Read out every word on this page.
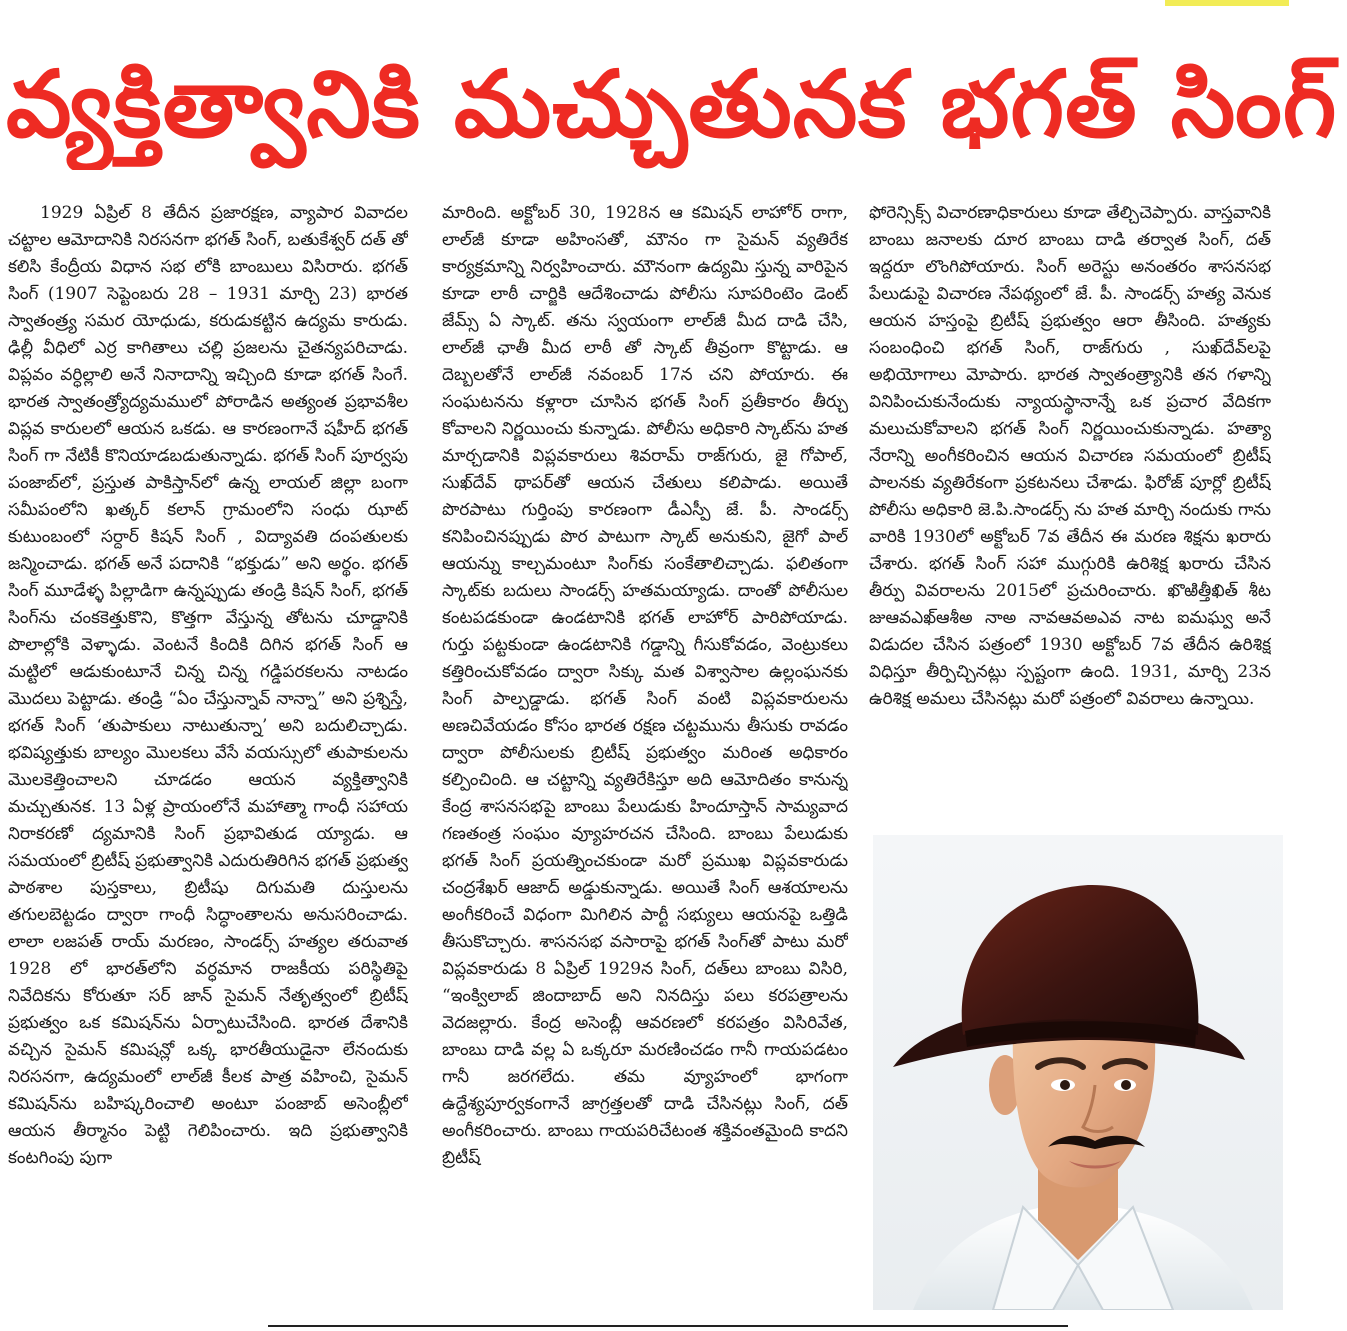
వ్యక్తిత్వానికి మచ్చుతునక భగత్ సింగ్

1929 ఏప్రిల్ 8 తేదీన ప్రజారక్షణ, వ్యాపార వివాదల చట్టాల ఆమోదానికి నిరసనగా భగత్ సింగ్, బతుకేశ్వర్ దత్ తో కలిసి కేంద్రీయ విధాన సభ లోకి బాంబులు విసిరారు. భగత్ సింగ్ (1907 సెప్టెంబరు 28 – 1931 మార్చి 23) భారత స్వాతంత్ర్య సమర యోధుడు, కరుడుకట్టిన ఉద్యమ కారుడు. ఢిల్లీ వీధిలో ఎర్ర కాగితాలు చల్లి ప్రజలను చైతన్యపరిచాడు. విప్లవం వర్ధిల్లాలి అనే నినాదాన్ని ఇచ్చింది కూడా భగత్ సింగే. భారత స్వాతంత్ర్యోద్యమములో పోరాడిన అత్యంత ప్రభావశీల విప్లవ కారులలో ఆయన ఒకడు. ఆ కారణంగానే షహీద్ భగత్ సింగ్ గా నేటికీ కొనియాడబడుతున్నాడు. భగత్ సింగ్ పూర్వపు పంజాబ్‌లో, ప్రస్తుత పాకిస్తాన్‌లో ఉన్న లాయల్ జిల్లా బంగా సమీపంలోని ఖత్కర్ కలాన్ గ్రామంలోని సంధు ఝాట్ కుటుంబంలో సర్దార్ కిషన్ సింగ్ , విద్యావతి దంపతులకు జన్మించాడు. భగత్ అనే పదానికి “భక్తుడు” అని అర్థం. భగత్ సింగ్ మూడేళ్ళ పిల్లాడిగా ఉన్నప్పుడు తండ్రి కిషన్ సింగ్, భగత్ సింగ్‌ను చంకకెత్తుకొని, కొత్తగా వేస్తున్న తోటను చూడ్డానికి పొలాల్లోకి వెళ్ళాడు. వెంటనే కిందికి దిగిన భగత్ సింగ్ ఆ మట్టిలో ఆడుకుంటూనే చిన్న చిన్న గడ్డిపరకలను నాటడం మొదలు పెట్టాడు. తండ్రి “ఏం చేస్తున్నావ్ నాన్నా” అని ప్రశ్నిస్తే, భగత్ సింగ్ ‘తుపాకులు నాటుతున్నా’ అని బదులిచ్చాడు. భవిష్యత్తుకు బాల్యం మొలకలు వేసే వయస్సులో తుపాకులను మొలకెత్తించాలని చూడడం ఆయన వ్యక్తిత్వానికి మచ్చుతునక. 13 ఏళ్ల ప్రాయంలోనే మహాత్మా గాంధీ సహాయ నిరాకరణో ద్యమానికి సింగ్ ప్రభావితుడ య్యాడు. ఆ సమయంలో బ్రిటీష్ ప్రభుత్వానికి ఎదురుతిరిగిన భగత్ ప్రభుత్వ పాఠశాల పుస్తకాలు, బ్రిటీషు దిగుమతి దుస్తులను తగులబెట్టడం ద్వారా గాంధీ సిద్ధాంతాలను అనుసరించాడు. లాలా లజపత్ రాయ్ మరణం, సాండర్స్ హత్యల తరువాత 1928 లో భారత్‌లోని వర్ధమాన రాజకీయ పరిస్థితిపై నివేదికను కోరుతూ సర్ జాన్ సైమన్ నేతృత్వంలో బ్రిటీష్ ప్రభుత్వం ఒక కమిషన్‌ను ఏర్పాటుచేసింది. భారత దేశానికి వచ్చిన సైమన్ కమిషన్లో ఒక్క భారతీయుడైనా లేనందుకు నిరసనగా, ఉద్యమంలో లాల్‌జీ కీలక పాత్ర వహించి, సైమన్ కమిషన్‌ను బహిష్కరించాలి అంటూ పంజాబ్ అసెంబ్లీలో ఆయన తీర్మానం పెట్టి గెలిపించారు. ఇది ప్రభుత్వానికి కంటగింపు పుగా

మారింది. అక్టోబర్ 30, 1928న ఆ కమిషన్ లాహోర్ రాగా, లాల్‌జీ కూడా అహింసతో, మౌనం గా సైమన్ వ్యతిరేక కార్యక్రమాన్ని నిర్వహించారు. మౌనంగా ఉద్యమి స్తున్న వారిపైన కూడా లాఠీ చార్జికి ఆదేశించాడు పోలీసు సూపరింటెం డెంట్ జేమ్స్ ఏ స్కాట్. తను స్వయంగా లాల్‌జీ మీద దాడి చేసి, లాల్‌జీ ఛాతీ మీద లాఠీ తో స్కాట్ తీవ్రంగా కొట్టాడు. ఆ దెబ్బలతోనే లాల్‌జీ నవంబర్ 17న చని పోయారు. ఈ సంఘటనను కళ్లారా చూసిన భగత్ సింగ్ ప్రతీకారం తీర్చు కోవాలని నిర్ణయించు కున్నాడు. పోలీసు అధికారి స్కాట్‌ను హత మార్చడానికి విప్లవకారులు శివరామ్ రాజ్‌గురు, జై గోపాల్, సుఖ్‌దేవ్ థాపర్‌తో ఆయన చేతులు కలిపాడు. అయితే పొరపాటు గుర్తింపు కారణంగా డీఎస్పీ జే. పీ. సాండర్స్ కనిపించినప్పుడు పొర పాటుగా స్కాట్ అనుకుని, జైగో పాల్ ఆయన్ను కాల్చమంటూ సింగ్‌కు సంకేతాలిచ్చాడు. ఫలితంగా స్కాట్‌కు బదులు సాండర్స్ హతమయ్యాడు. దాంతో పోలీసుల కంటపడకుండా ఉండటానికి భగత్ లాహోర్ పారిపోయాడు. గుర్తు పట్టకుండా ఉండటానికి గడ్డాన్ని గీసుకోవడం, వెంట్రుకలు కత్తిరించుకోవడం ద్వారా సిక్కు మత విశ్వాసాల ఉల్లంఘనకు సింగ్ పాల్పడ్డాడు. భగత్ సింగ్ వంటి విప్లవకారులను అణచివేయడం కోసం భారత రక్షణ చట్టమును తీసుకు రావడం ద్వారా పోలీసులకు బ్రిటీష్ ప్రభుత్వం మరింత అధికారం కల్పించింది. ఆ చట్టాన్ని వ్యతిరేకిస్తూ అది ఆమోదితం కానున్న కేంద్ర శాసనసభపై బాంబు పేలుడుకు హిందూస్తాన్ సామ్యవాద గణతంత్ర సంఘం వ్యూహరచన చేసింది. బాంబు పేలుడుకు భగత్ సింగ్ ప్రయత్నించకుండా మరో ప్రముఖ విప్లవకారుడు చంద్రశేఖర్ ఆజాద్ అడ్డుకున్నాడు. అయితే సింగ్ ఆశయాలను అంగీకరించే విధంగా మిగిలిన పార్టీ సభ్యులు ఆయనపై ఒత్తిడి తీసుకొచ్చారు. శాసనసభ వసారాపై భగత్ సింగ్‌తో పాటు మరో విప్లవకారుడు 8 ఏప్రిల్ 1929న సింగ్, దత్‌లు బాంబు విసిరి, “ఇంక్విలాబ్ జిందాబాద్ అని నినదిస్తు పలు కరపత్రాలను వెదజల్లారు. కేంద్ర అసెంబ్లీ ఆవరణలో కరపత్రం విసిరివేత, బాంబు దాడి వల్ల ఏ ఒక్కరూ మరణించడం గానీ గాయపడటం గానీ జరగలేదు. తమ వ్యూహంలో భాగంగా ఉద్దేశ్యపూర్వకంగానే జాగ్రత్తలతో దాడి చేసినట్లు సింగ్, దత్ అంగీకరించారు. బాంబు గాయపరిచేటంత శక్తివంతమైంది కాదని బ్రిటీష్

ఫోరెన్సిక్స్ విచారణాధికారులు కూడా తేల్చిచెప్పారు. వాస్తవానికి బాంబు జనాలకు దూర బాంబు దాడి తర్వాత సింగ్, దత్ ఇద్దరూ లొంగిపోయారు. సింగ్ అరెస్టు అనంతరం శాసనసభ పేలుడుపై విచారణ నేపథ్యంలో జే. పీ. సాండర్స్ హత్య వెనుక ఆయన హస్తంపై బ్రిటీష్ ప్రభుత్వం ఆరా తీసింది. హత్యకు సంబంధించి భగత్ సింగ్, రాజ్‌గురు , సుఖ్‌దేవ్‌లపై అభియోగాలు మోపారు. భారత స్వాతంత్ర్యానికి తన గళాన్ని వినిపించుకునేందుకు న్యాయస్థానాన్నే ఒక ప్రచార వేదికగా మలుచుకోవాలని భగత్ సింగ్ నిర్ణయించుకున్నాడు. హత్యా నేరాన్ని అంగీకరించిన ఆయన విచారణ సమయంలో బ్రిటీష్ పాలనకు వ్యతిరేకంగా ప్రకటనలు చేశాడు. ఫిరోజ్ పూర్లో బ్రిటీష్ పోలీసు అధికారి జె.పి.సాండర్స్ ను హత మార్చి నందుకు గాను వారికి 1930లో అక్టోబర్ 7వ తేదీన ఈ మరణ శిక్షను ఖరారు చేశారు. భగత్ సింగ్ సహా ముగ్గురికి ఉరిశిక్ష ఖరారు చేసిన తీర్పు వివరాలను 2015లో ప్రచురించారు. ఖొఱిత్తీఖిత్ శీట జుఆవఎఖ్ఆశీఅ నాఅ నావఆవఅఎవ నాట ఐమఘ్వ అనే విడుదల చేసిన పత్రంలో 1930 అక్టోబర్ 7వ తేదీన ఉరిశిక్ష విధిస్తూ తీర్పిచ్చినట్లు స్పష్టంగా ఉంది. 1931, మార్చి 23న ఉరిశిక్ష అమలు చేసినట్లు మరో పత్రంలో వివరాలు ఉన్నాయి.
